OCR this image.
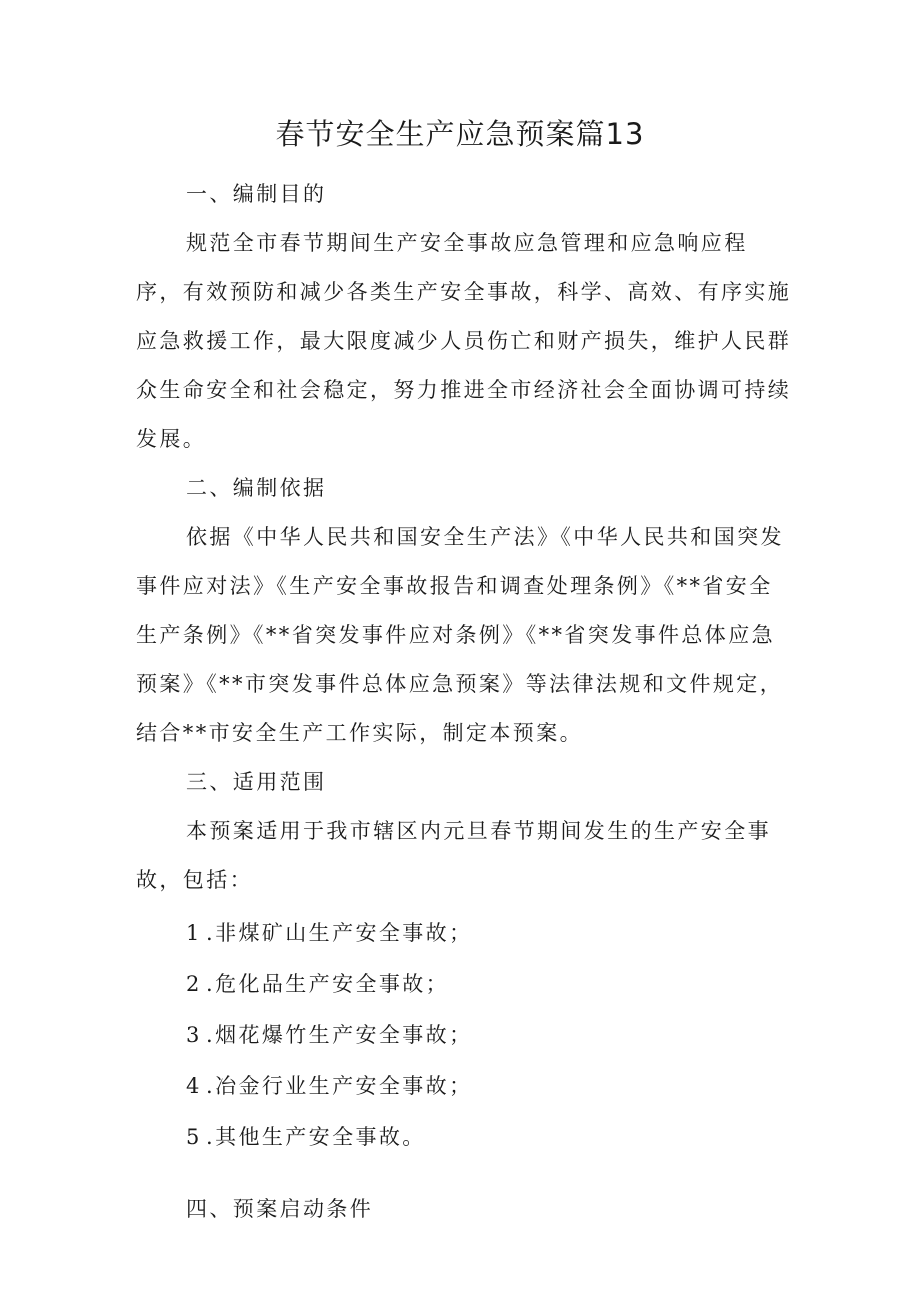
春节安全生产应急预案篇13
一、编制目的

规范全市春节期间生产安全事故应急管理和应急响应程序，有效预防和减少各类生产安全事故，科学、高效、有序实施应急救援工作，最大限度减少人员伤亡和财产损失，维护人民群众生命安全和社会稳定，努力推进全市经济社会全面协调可持续发展。

二、编制依据

依据《中华人民共和国安全生产法》《中华人民共和国突发事件应对法》《生产安全事故报告和调查处理条例》《**省安全生产条例》《**省突发事件应对条例》《**省突发事件总体应急预案》《**市突发事件总体应急预案》等法律法规和文件规定，结合**市安全生产工作实际，制定本预案。

三、适用范围

本预案适用于我市辖区内元旦春节期间发生的生产安全事故，包括：

1 .非煤矿山生产安全事故；
2 .危化品生产安全事故；
3 .烟花爆竹生产安全事故；
4 .冶金行业生产安全事故；
5 .其他生产安全事故。
四、预案启动条件
